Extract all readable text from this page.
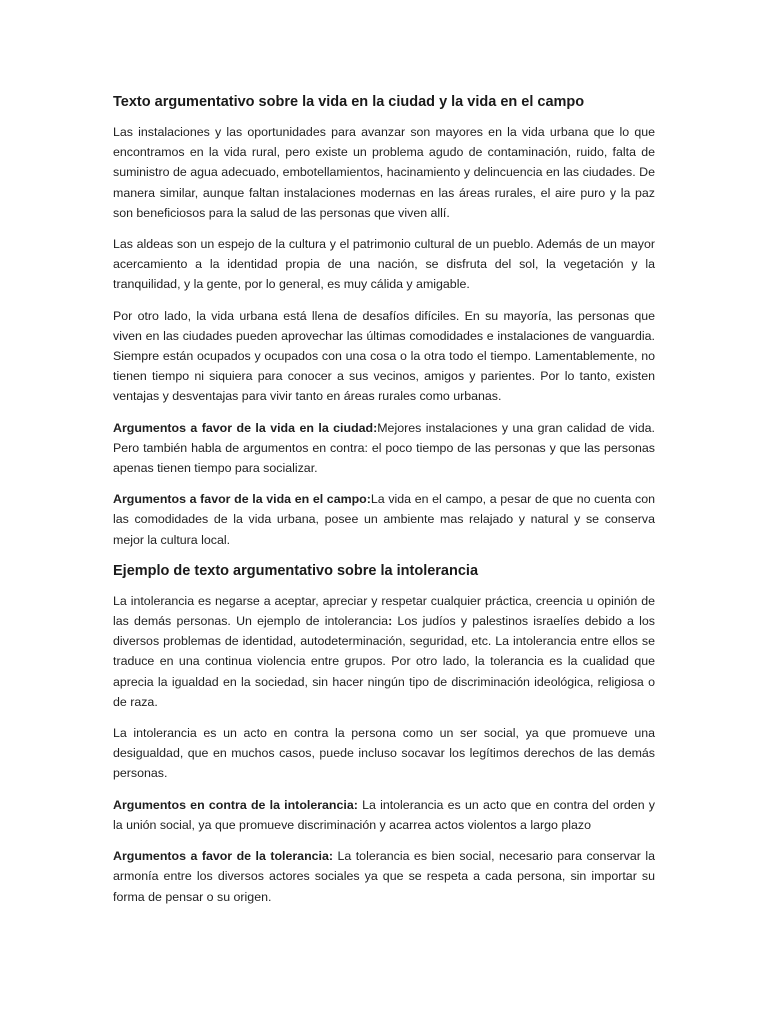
Texto argumentativo sobre la vida en la ciudad y la vida en el campo

Las instalaciones y las oportunidades para avanzar son mayores en la vida urbana que lo que encontramos en la vida rural, pero existe un problema agudo de contaminación, ruido, falta de suministro de agua adecuado, embotellamientos, hacinamiento y delincuencia en las ciudades. De manera similar, aunque faltan instalaciones modernas en las áreas rurales, el aire puro y la paz son beneficiosos para la salud de las personas que viven allí.

Las aldeas son un espejo de la cultura y el patrimonio cultural de un pueblo. Además de un mayor acercamiento a la identidad propia de una nación, se disfruta del sol, la vegetación y la tranquilidad, y la gente, por lo general, es muy cálida y amigable.

Por otro lado, la vida urbana está llena de desafíos difíciles. En su mayoría, las personas que viven en las ciudades pueden aprovechar las últimas comodidades e instalaciones de vanguardia. Siempre están ocupados y ocupados con una cosa o la otra todo el tiempo. Lamentablemente, no tienen tiempo ni siquiera para conocer a sus vecinos, amigos y parientes. Por lo tanto, existen ventajas y desventajas para vivir tanto en áreas rurales como urbanas.

Argumentos a favor de la vida en la ciudad:Mejores instalaciones y una gran calidad de vida. Pero también habla de argumentos en contra: el poco tiempo de las personas y que las personas apenas tienen tiempo para socializar.

Argumentos a favor de la vida en el campo:La vida en el campo, a pesar de que no cuenta con las comodidades de la vida urbana, posee un ambiente mas relajado y natural y se conserva mejor la cultura local.

Ejemplo de texto argumentativo sobre la intolerancia

La intolerancia es negarse a aceptar, apreciar y respetar cualquier práctica, creencia u opinión de las demás personas. Un ejemplo de intolerancia: Los judíos y palestinos israelíes debido a los diversos problemas de identidad, autodeterminación, seguridad, etc. La intolerancia entre ellos se traduce en una continua violencia entre grupos. Por otro lado, la tolerancia es la cualidad que aprecia la igualdad en la sociedad, sin hacer ningún tipo de discriminación ideológica, religiosa o de raza.

La intolerancia es un acto en contra la persona como un ser social, ya que promueve una desigualdad, que en muchos casos, puede incluso socavar los legítimos derechos de las demás personas.

Argumentos en contra de la intolerancia: La intolerancia es un acto que en contra del orden y la unión social, ya que promueve discriminación y acarrea actos violentos a largo plazo

Argumentos a favor de la tolerancia: La tolerancia es bien social, necesario para conservar la armonía entre los diversos actores sociales ya que se respeta a cada persona, sin importar su forma de pensar o su origen.
